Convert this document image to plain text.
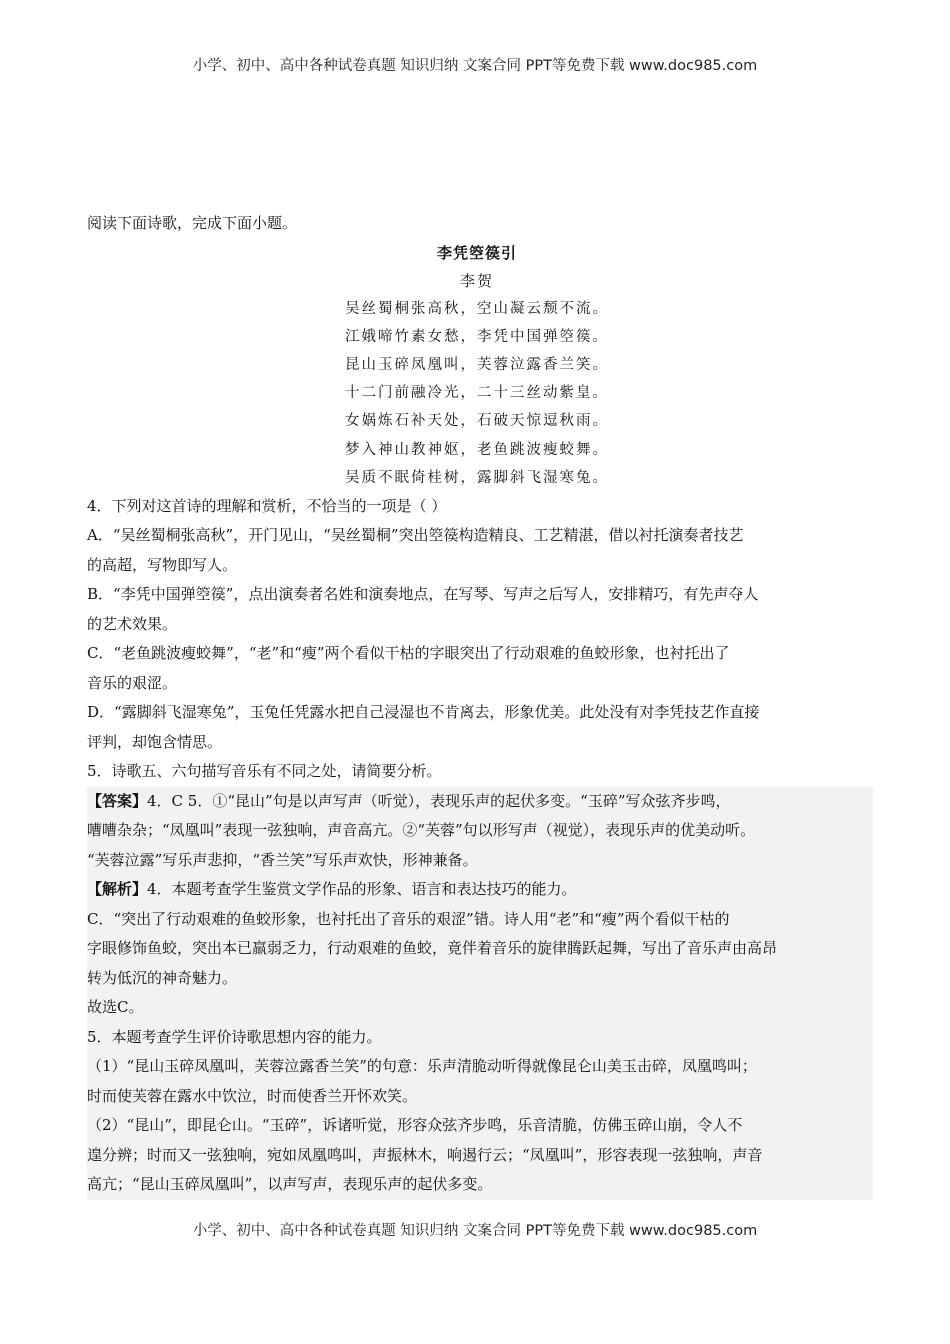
小学、初中、高中各种试卷真题 知识归纳 文案合同 PPT等免费下载 www.doc985.com
阅读下面诗歌，完成下面小题。
李凭箜篌引
李贺
吴丝蜀桐张高秋，空山凝云颓不流。
江娥啼竹素女愁，李凭中国弹箜篌。
昆山玉碎凤凰叫，芙蓉泣露香兰笑。
十二门前融冷光，二十三丝动紫皇。
女娲炼石补天处，石破天惊逗秋雨。
梦入神山教神妪，老鱼跳波瘦蛟舞。
吴质不眠倚桂树，露脚斜飞湿寒兔。
4．下列对这首诗的理解和赏析，不恰当的一项是（ ）
A．“吴丝蜀桐张高秋”，开门见山，“吴丝蜀桐”突出箜篌构造精良、工艺精湛，借以衬托演奏者技艺
的高超，写物即写人。
B．“李凭中国弹箜篌”，点出演奏者名姓和演奏地点，在写琴、写声之后写人，安排精巧，有先声夺人
的艺术效果。
C．“老鱼跳波瘦蛟舞”，“老”和“瘦”两个看似干枯的字眼突出了行动艰难的鱼蛟形象，也衬托出了
音乐的艰涩。
D．“露脚斜飞湿寒兔”，玉兔任凭露水把自己浸湿也不肯离去，形象优美。此处没有对李凭技艺作直接
评判，却饱含情思。
5．诗歌五、六句描写音乐有不同之处，请简要分析。
【答案】4．C 5．①“昆山”句是以声写声（听觉），表现乐声的起伏多变。“玉碎”写众弦齐步鸣，
嘈嘈杂杂；“凤凰叫”表现一弦独响，声音高亢。②“芙蓉”句以形写声（视觉），表现乐声的优美动听。
“芙蓉泣露”写乐声悲抑，“香兰笑”写乐声欢快，形神兼备。
【解析】4．本题考查学生鉴赏文学作品的形象、语言和表达技巧的能力。
C．“突出了行动艰难的鱼蛟形象，也衬托出了音乐的艰涩”错。诗人用“老”和“瘦”两个看似干枯的
字眼修饰鱼蛟，突出本已羸弱乏力，行动艰难的鱼蛟，竟伴着音乐的旋律腾跃起舞，写出了音乐声由高昂
转为低沉的神奇魅力。
故选C。
5．本题考查学生评价诗歌思想内容的能力。
（1）“昆山玉碎凤凰叫，芙蓉泣露香兰笑”的句意：乐声清脆动听得就像昆仑山美玉击碎，凤凰鸣叫；
时而使芙蓉在露水中饮泣，时而使香兰开怀欢笑。
（2）“昆山”，即昆仑山。“玉碎”，诉诸听觉，形容众弦齐步鸣，乐音清脆，仿佛玉碎山崩，令人不
遑分辨；时而又一弦独响，宛如凤凰鸣叫，声振林木，响遏行云；“凤凰叫”，形容表现一弦独响，声音
高亢；“昆山玉碎凤凰叫”，以声写声，表现乐声的起伏多变。
小学、初中、高中各种试卷真题 知识归纳 文案合同 PPT等免费下载 www.doc985.com
